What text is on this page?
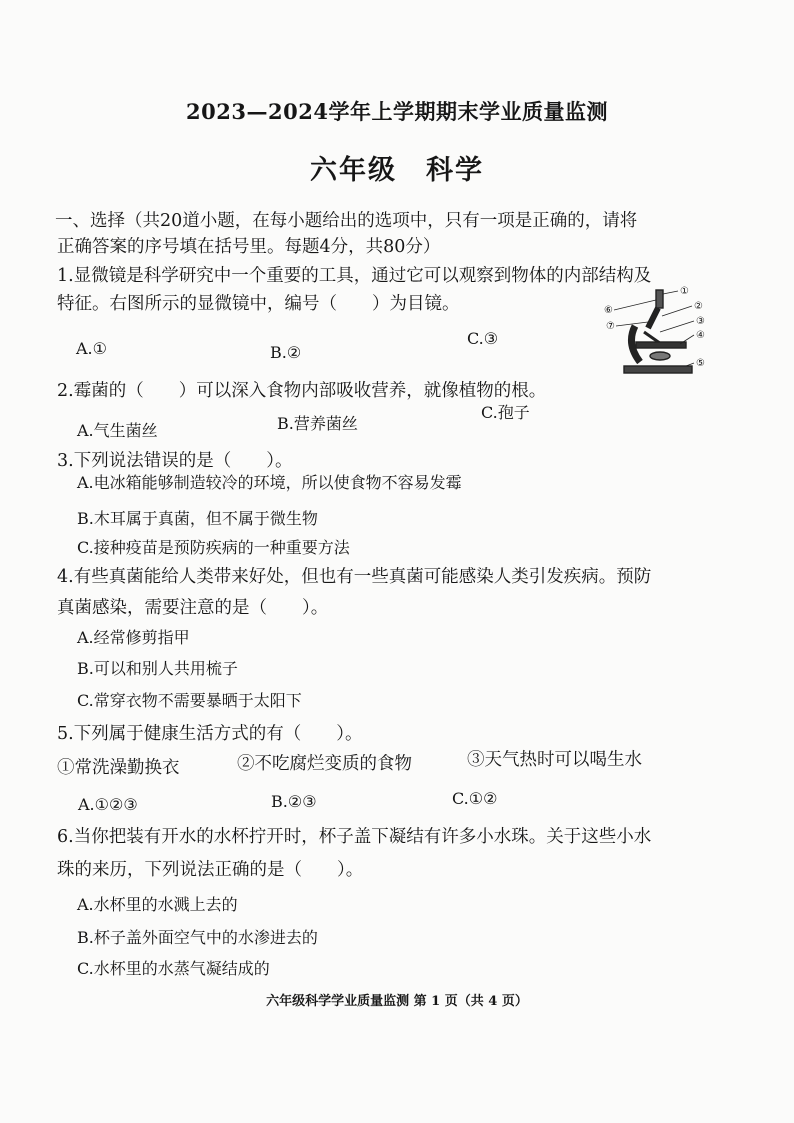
2023—2024学年上学期期末学业质量监测
六年级　科学
一、选择（共20道小题，在每小题给出的选项中，只有一项是正确的，请将
正确答案的序号填在括号里。每题4分，共80分）
1.显微镜是科学研究中一个重要的工具，通过它可以观察到物体的内部结构及
特征。右图所示的显微镜中，编号（　　）为目镜。
A.①	B.②
C.③
①
②
③
④
⑤
⑥
⑦
2.霉菌的（　　）可以深入食物内部吸收营养，就像植物的根。
A.气生菌丝	B.营养菌丝
C.孢子
3.下列说法错误的是（　　）。
A.电冰箱能够制造较冷的环境，所以使食物不容易发霉
B.木耳属于真菌，但不属于微生物
C.接种疫苗是预防疾病的一种重要方法
4.有些真菌能给人类带来好处，但也有一些真菌可能感染人类引发疾病。预防
真菌感染，需要注意的是（　　）。
A.经常修剪指甲
B.可以和别人共用梳子
C.常穿衣物不需要暴晒于太阳下
5.下列属于健康生活方式的有（　　）。
①常洗澡勤换衣	②不吃腐烂变质的食物	③天气热时可以喝生水
A.①②③	B.②③	C.①②
6.当你把装有开水的水杯拧开时，杯子盖下凝结有许多小水珠。关于这些小水
珠的来历，下列说法正确的是（　　）。
A.水杯里的水溅上去的
B.杯子盖外面空气中的水渗进去的
C.水杯里的水蒸气凝结成的
六年级科学学业质量监测 第 1 页（共 4 页）
